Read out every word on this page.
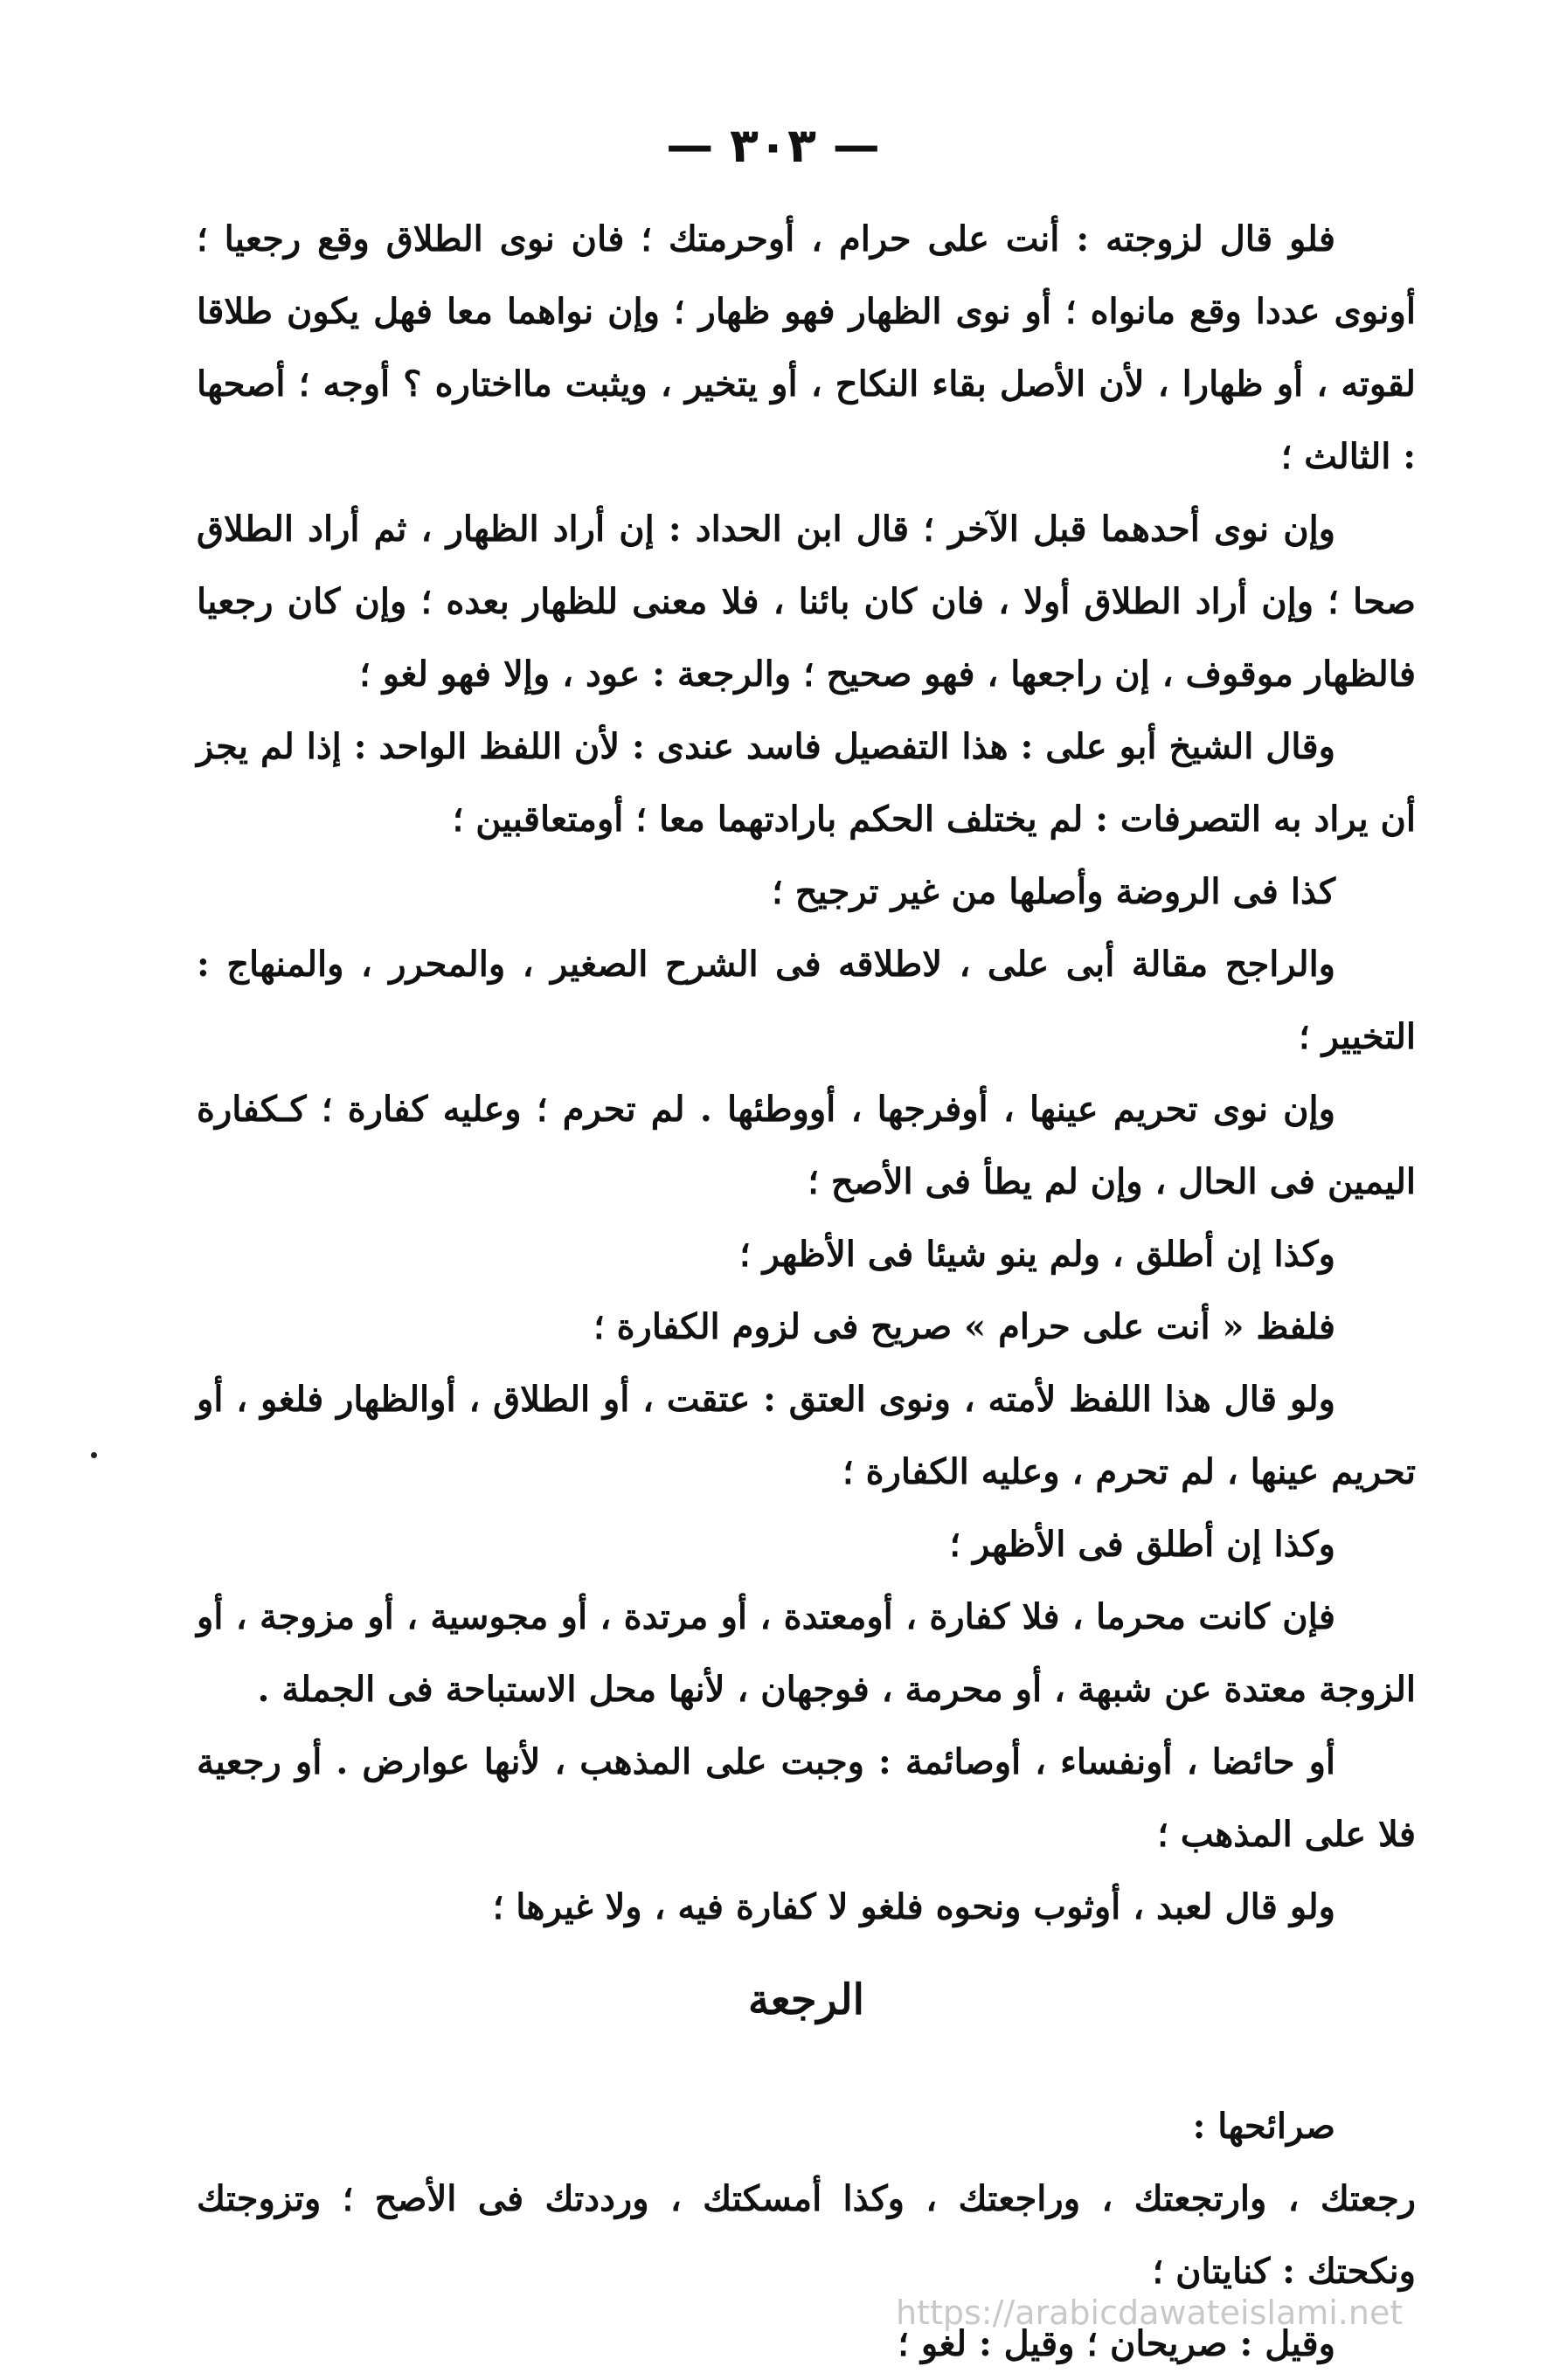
— ٣٠٣ —

فلو قال لزوجته : أنت على حرام ، أوحرمتك ؛ فان نوى الطلاق وقع رجعيا ؛ أونوى عددا وقع مانواه ؛ أو نوى الظهار فهو ظهار ؛ وإن نواهما معا فهل يكون طلاقا لقوته ، أو ظهارا ، لأن الأصل بقاء النكاح ، أو يتخير ، ويثبت مااختاره ؟ أوجه ؛ أصحها : الثالث ؛

وإن نوى أحدهما قبل الآخر ؛ قال ابن الحداد : إن أراد الظهار ، ثم أراد الطلاق صحا ؛ وإن أراد الطلاق أولا ، فان كان بائنا ، فلا معنى للظهار بعده ؛ وإن كان رجعيا فالظهار موقوف ، إن راجعها ، فهو صحيح ؛ والرجعة : عود ، وإلا فهو لغو ؛

وقال الشيخ أبو على : هذا التفصيل فاسد عندى : لأن اللفظ الواحد : إذا لم يجز أن يراد به التصرفات : لم يختلف الحكم بارادتهما معا ؛ أومتعاقبين ؛

كذا فى الروضة وأصلها من غير ترجيح ؛

والراجح مقالة أبى على ، لاطلاقه فى الشرح الصغير ، والمحرر ، والمنهاج : التخيير ؛

وإن نوى تحريم عينها ، أوفرجها ، أووطئها . لم تحرم ؛ وعليه كفارة ؛ كـكفارة اليمين فى الحال ، وإن لم يطأ فى الأصح ؛

وكذا إن أطلق ، ولم ينو شيئا فى الأظهر ؛

فلفظ « أنت على حرام » صريح فى لزوم الكفارة ؛

ولو قال هذا اللفظ لأمته ، ونوى العتق : عتقت ، أو الطلاق ، أوالظهار فلغو ، أو تحريم عينها ، لم تحرم ، وعليه الكفارة ؛

وكذا إن أطلق فى الأظهر ؛

فإن كانت محرما ، فلا كفارة ، أومعتدة ، أو مرتدة ، أو مجوسية ، أو مزوجة ، أو الزوجة معتدة عن شبهة ، أو محرمة ، فوجهان ، لأنها محل الاستباحة فى الجملة .

أو حائضا ، أونفساء ، أوصائمة : وجبت على المذهب ، لأنها عوارض . أو رجعية فلا على المذهب ؛

ولو قال لعبد ، أوثوب ونحوه فلغو لا كفارة فيه ، ولا غيرها ؛

الرجعة

صرائحها :

رجعتك ، وارتجعتك ، وراجعتك ، وكذا أمسكتك ، ورددتك فى الأصح ؛ وتزوجتك ونكحتك : كنايتان ؛

وقيل : صريحان ؛ وقيل : لغو ؛

https://arabicdawateislami.net
